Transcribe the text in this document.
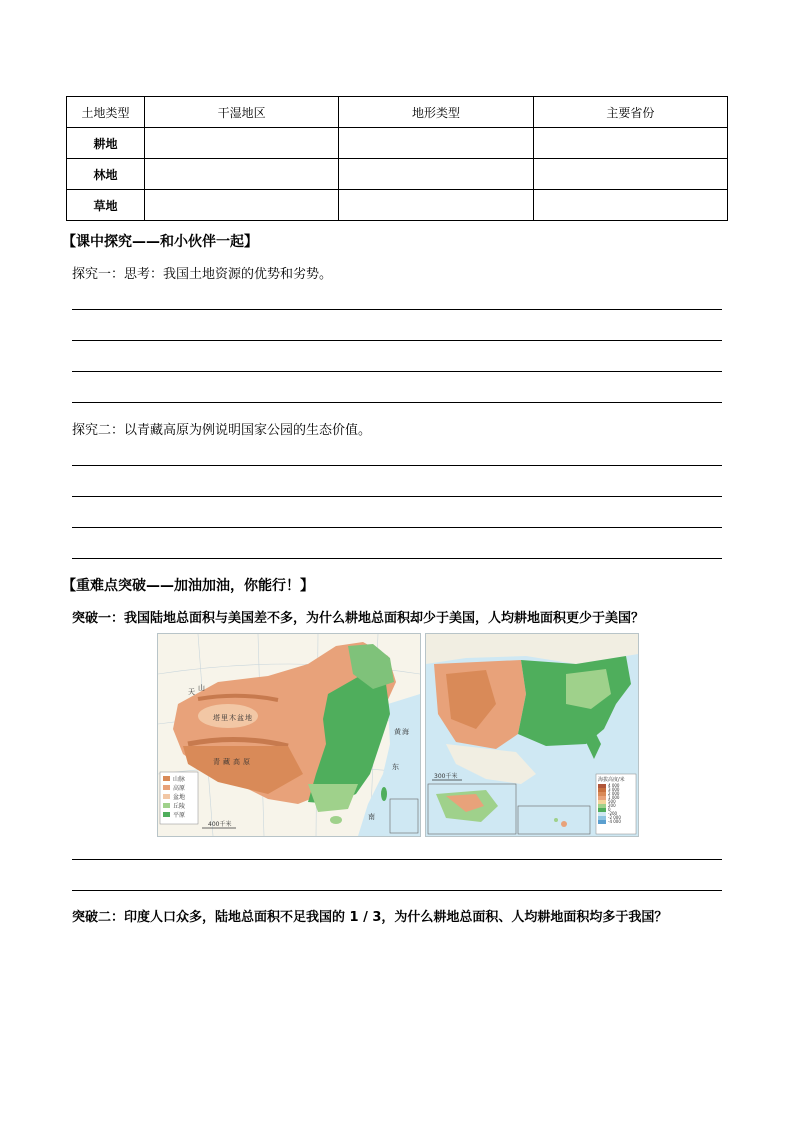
土地类型	干湿地区	地形类型	主要省份
耕地			
林地			
草地			
【课中探究——和小伙伴一起】
探究一：思考：我国土地资源的优势和劣势。
探究二：以青藏高原为例说明国家公园的生态价值。
【重难点突破——加油加油，你能行！】
突破一：我国陆地总面积与美国差不多，为什么耕地总面积却少于美国，人均耕地面积更少于美国？
山脉
高原
盆地
丘陵
平原
400千米
天 山
塔 里 木 盆 地
青 藏 高 原
黄 海
东
南
海拔高度/米
4 000
3 000
2 000
1 000
500
200
0
-200
-2 000
-4 000
300千米
突破二：印度人口众多，陆地总面积不足我国的 1 / 3，为什么耕地总面积、人均耕地面积均多于我国？
